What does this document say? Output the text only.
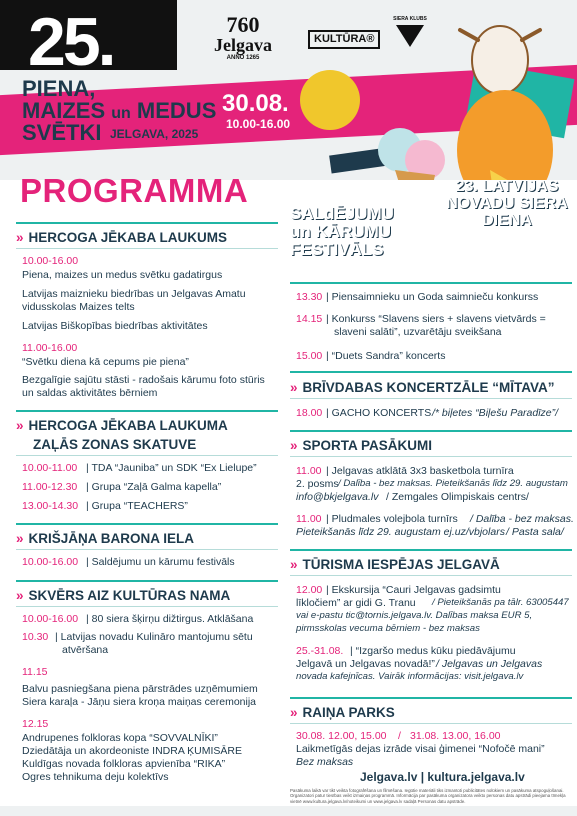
25.
PIENA,
MAIZES un MEDUS
SVĒTKI JELGAVA, 2025
30.08.
10.00-16.00
760
Jelgava
ANNO 1265
KULTŪRA®
SIERA KLUBS
PROGRAMMA
SALdĒJUMU un KĀRUMU FESTIVĀLS
23. LATVIJAS NOVADU SIERA DIENA
» HERCOGA JĒKABA LAUKUMS
10.00-16.00
Piena, maizes un medus svētku gadatirgus
Latvijas maiznieku biedrības un Jelgavas Amatu
vidusskolas Maizes telts
Latvijas Biškopības biedrības aktivitātes
11.00-16.00
“Svētku diena kā cepums pie piena”
Bezgalīgie sajūtu stāsti - radošais kārumu foto stūris
un saldas aktivitātes bērniem
» HERCOGA JĒKABA LAUKUMA
ZAĻĀS ZONAS SKATUVE
10.00-11.00 | TDA “Jauniba” un SDK “Ex Lielupe”
11.00-12.30 | Grupa “Zaļā Galma kapella”
13.00-14.30 | Grupa “TEACHERS”
» KRIŠJĀŅA BARONA IELA
10.00-16.00 | Saldējumu un kārumu festivāls
» SKVĒRS AIZ KULTŪRAS NAMA
10.00-16.00 | 80 siera šķirņu dižtirgus. Atklāšana
10.30 | Latvijas novadu Kulināro mantojumu sētu
atvēršana
11.15
Balvu pasniegšana piena pārstrādes uzņēmumiem
Siera karaļa - Jāņu siera kroņa maiņas ceremonija
12.15
Andrupenes folkloras kopa “SOVVALNĪKI”
Dziedātāja un akordeoniste INDRA ĶUMISĀRE
Kuldīgas novada folkloras apvienība “RIKA”
Ogres tehnikuma deju kolektīvs
13.30 | Piensaimnieku un Goda saimnieču konkurss
14.15 | Konkurss “Slavens siers + slavens vietvārds =
slaveni salāti”, uzvarētāju sveikšana
15.00 | “Duets Sandra” koncerts
» BRĪVDABAS KONCERTZĀLE “MĪTAVA”
18.00 | GACHO KONCERTS /* biļetes “Biļešu Paradīze”/
» SPORTA PASĀKUMI
11.00 | Jelgavas atklātā 3x3 basketbola turnīra
2. posms / Dalība - bez maksas. Pieteikšanās līdz 29. augustam
info@bkjelgava.lv / Zemgales Olimpiskais centrs/
11.00 | Pludmales volejbola turnīrs / Dalība - bez maksas.
Pieteikšanās līdz 29. augustam ej.uz/vbjolars / Pasta sala/
» TŪRISMA IESPĒJAS JELGAVĀ
12.00 | Ekskursija “Cauri Jelgavas gadsimtu
līkločiem” ar gidi G. Tranu / Pieteikšanās pa tālr. 63005447
vai e-pastu tic@tornis.jelgava.lv. Dalības maksa EUR 5,
pirmsskolas vecuma bērniem - bez maksas
25.-31.08. | “Izgaršo medus kūku piedāvājumu
Jelgavā un Jelgavas novadā!” / Jelgavas un Jelgavas
novada kafejnīcas. Vairāk informācijas: visit.jelgava.lv
» RAIŅA PARKS
30.08. 12.00, 15.00 / 31.08. 13.00, 16.00
Laikmetīgās dejas izrāde visai ģimenei “Nofočē mani”
Bez maksas
Jelgava.lv | kultura.jelgava.lv
Pasākuma laikā var tikt veikta fotografēšana un filmēšana. Iegūtie materiāli tiks izmantoti publicitātes nolūkiem un pasākuma atspoguļošanai. Organizatori patur tiesības veikt izmaiņas programmā. Informācija par pasākuma organizatora veikto personas datu apstrādi pieejama tīmekļa vietnē www.kultura.jelgava.lv/noteikumi un www.jelgava.lv sadaļā Personas datu apstrāde.
